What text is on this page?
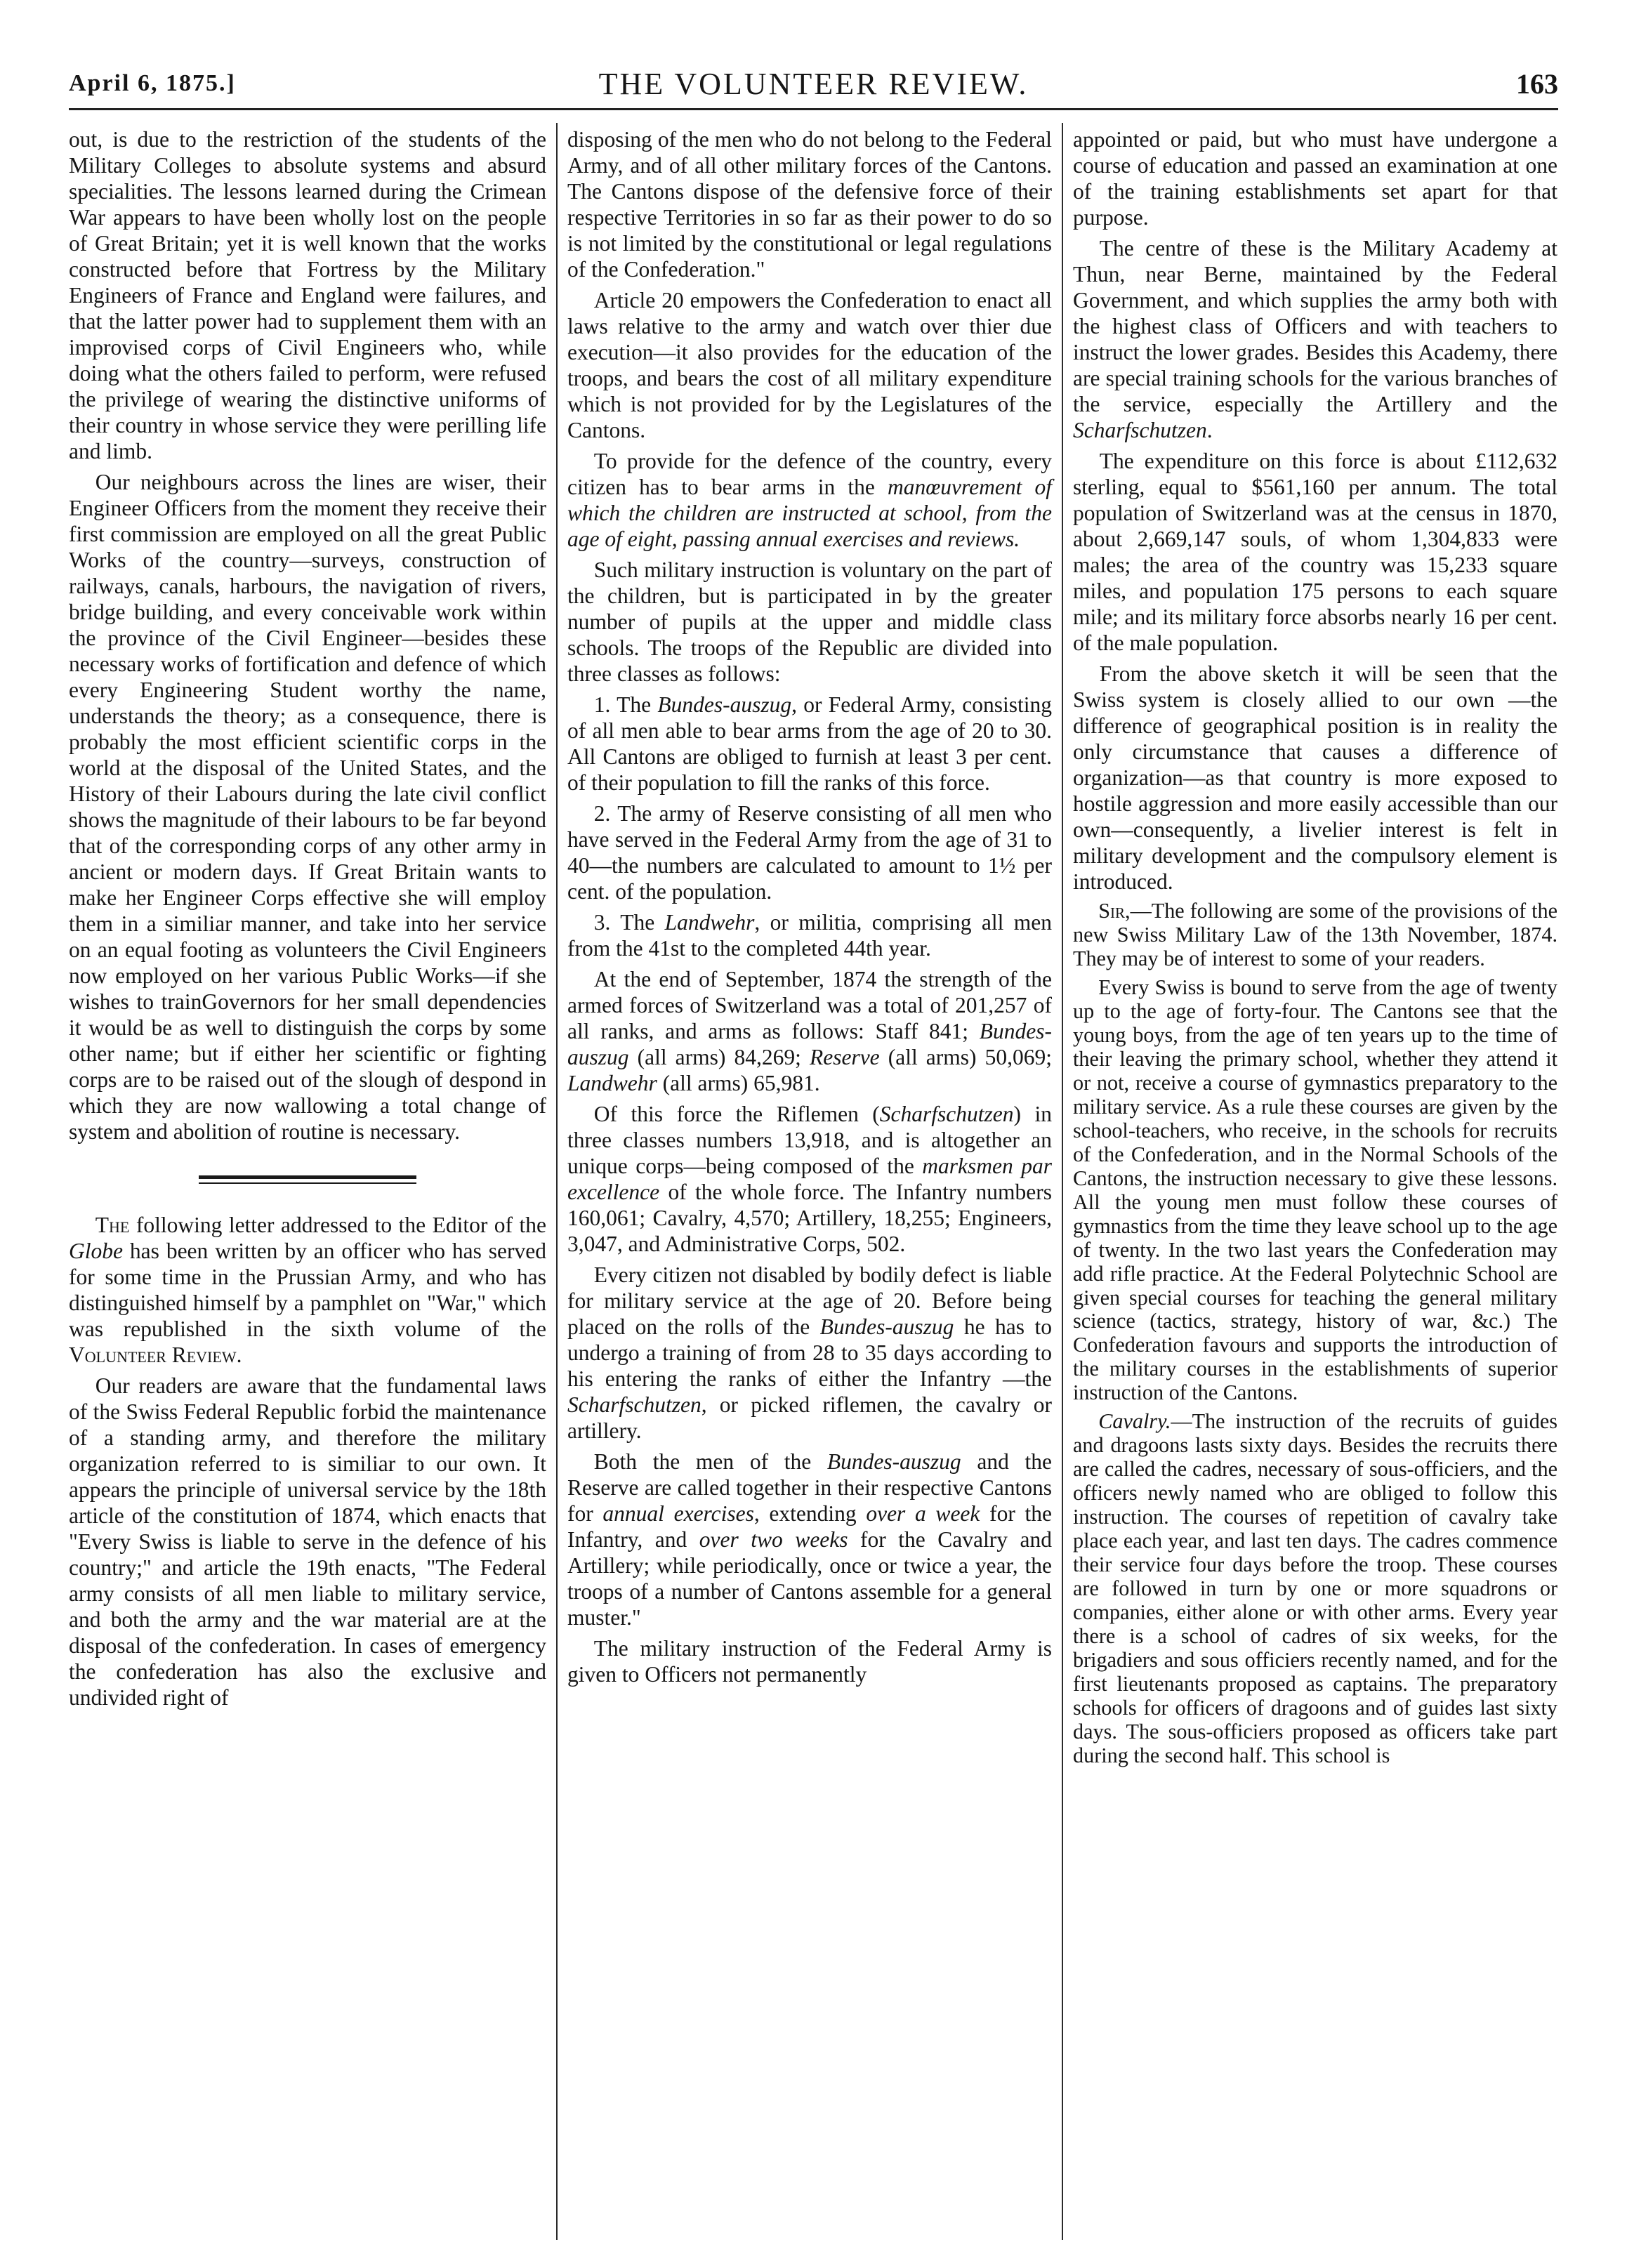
April 6, 1875.]	THE VOLUNTEER REVIEW.	163

out, is due to the restriction of the students of the Military Colleges to absolute systems and absurd specialities. The lessons learned during the Crimean War appears to have been wholly lost on the people of Great Britain; yet it is well known that the works constructed before that Fortress by the Military Engineers of France and England were failures, and that the latter power had to supplement them with an improvised corps of Civil Engineers who, while doing what the others failed to perform, were refused the privilege of wearing the distinctive uniforms of their country in whose service they were perilling life and limb.

Our neighbours across the lines are wiser, their Engineer Officers from the moment they receive their first commission are employed on all the great Public Works of the country—surveys, construction of railways, canals, harbours, the navigation of rivers, bridge building, and every conceivable work within the province of the Civil Engineer—besides these necessary works of fortification and defence of which every Engineering Student worthy the name, understands the theory; as a consequence, there is probably the most efficient scientific corps in the world at the disposal of the United States, and the History of their Labours during the late civil conflict shows the magnitude of their labours to be far beyond that of the corresponding corps of any other army in ancient or modern days. If Great Britain wants to make her Engineer Corps effective she will employ them in a similiar manner, and take into her service on an equal footing as volunteers the Civil Engineers now employed on her various Public Works—if she wishes to trainGovernors for her small dependencies it would be as well to distinguish the corps by some other name; but if either her scientific or fighting corps are to be raised out of the slough of despond in which they are now wallowing a total change of system and abolition of routine is necessary.

The following letter addressed to the Editor of the Globe has been written by an officer who has served for some time in the Prussian Army, and who has distinguished himself by a pamphlet on "War," which was republished in the sixth volume of the Volunteer Review.

Our readers are aware that the fundamental laws of the Swiss Federal Republic forbid the maintenance of a standing army, and therefore the military organization referred to is similiar to our own. It appears the principle of universal service by the 18th article of the constitution of 1874, which enacts that "Every Swiss is liable to serve in the defence of his country;" and article the 19th enacts, "The Federal army consists of all men liable to military service, and both the army and the war material are at the disposal of the confederation. In cases of emergency the confederation has also the exclusive and undivided right of

disposing of the men who do not belong to the Federal Army, and of all other military forces of the Cantons. The Cantons dispose of the defensive force of their respective Territories in so far as their power to do so is not limited by the constitutional or legal regulations of the Confederation."

Article 20 empowers the Confederation to enact all laws relative to the army and watch over thier due execution—it also provides for the education of the troops, and bears the cost of all military expenditure which is not provided for by the Legislatures of the Cantons.

To provide for the defence of the country, every citizen has to bear arms in the manœuvrement of which the children are instructed at school, from the age of eight, passing annual exercises and reviews.

Such military instruction is voluntary on the part of the children, but is participated in by the greater number of pupils at the upper and middle class schools. The troops of the Republic are divided into three classes as follows:

1. The Bundes-auszug, or Federal Army, consisting of all men able to bear arms from the age of 20 to 30. All Cantons are obliged to furnish at least 3 per cent. of their population to fill the ranks of this force.

2. The army of Reserve consisting of all men who have served in the Federal Army from the age of 31 to 40—the numbers are calculated to amount to 1½ per cent. of the population.

3. The Landwehr, or militia, comprising all men from the 41st to the completed 44th year.

At the end of September, 1874 the strength of the armed forces of Switzerland was a total of 201,257 of all ranks, and arms as follows: Staff 841; Bundes-auszug (all arms) 84,269; Reserve (all arms) 50,069; Landwehr (all arms) 65,981.

Of this force the Riflemen (Scharfschutzen) in three classes numbers 13,918, and is altogether an unique corps—being composed of the marksmen par excellence of the whole force. The Infantry numbers 160,061; Cavalry, 4,570; Artillery, 18,255; Engineers, 3,047, and Administrative Corps, 502.

Every citizen not disabled by bodily defect is liable for military service at the age of 20. Before being placed on the rolls of the Bundes-auszug he has to undergo a training of from 28 to 35 days according to his entering the ranks of either the Infantry —the Scharfschutzen, or picked riflemen, the cavalry or artillery.

Both the men of the Bundes-auszug and the Reserve are called together in their respective Cantons for annual exercises, extending over a week for the Infantry, and over two weeks for the Cavalry and Artillery; while periodically, once or twice a year, the troops of a number of Cantons assemble for a general muster."

The military instruction of the Federal Army is given to Officers not permanently

appointed or paid, but who must have undergone a course of education and passed an examination at one of the training establishments set apart for that purpose.

The centre of these is the Military Academy at Thun, near Berne, maintained by the Federal Government, and which supplies the army both with the highest class of Officers and with teachers to instruct the lower grades. Besides this Academy, there are special training schools for the various branches of the service, especially the Artillery and the Scharfschutzen.

The expenditure on this force is about £112,632 sterling, equal to $561,160 per annum. The total population of Switzerland was at the census in 1870, about 2,669,147 souls, of whom 1,304,833 were males; the area of the country was 15,233 square miles, and population 175 persons to each square mile; and its military force absorbs nearly 16 per cent. of the male population.

From the above sketch it will be seen that the Swiss system is closely allied to our own —the difference of geographical position is in reality the only circumstance that causes a difference of organization—as that country is more exposed to hostile aggression and more easily accessible than our own—consequently, a livelier interest is felt in military development and the compulsory element is introduced.

Sir,—The following are some of the provisions of the new Swiss Military Law of the 13th November, 1874. They may be of interest to some of your readers.

Every Swiss is bound to serve from the age of twenty up to the age of forty-four. The Cantons see that the young boys, from the age of ten years up to the time of their leaving the primary school, whether they attend it or not, receive a course of gymnastics preparatory to the military service. As a rule these courses are given by the school-teachers, who receive, in the schools for recruits of the Confederation, and in the Normal Schools of the Cantons, the instruction necessary to give these lessons. All the young men must follow these courses of gymnastics from the time they leave school up to the age of twenty. In the two last years the Confederation may add rifle practice. At the Federal Polytechnic School are given special courses for teaching the general military science (tactics, strategy, history of war, &c.) The Confederation favours and supports the introduction of the military courses in the establishments of superior instruction of the Cantons.

Cavalry.—The instruction of the recruits of guides and dragoons lasts sixty days. Besides the recruits there are called the cadres, necessary of sous-officiers, and the officers newly named who are obliged to follow this instruction. The courses of repetition of cavalry take place each year, and last ten days. The cadres commence their service four days before the troop. These courses are followed in turn by one or more squadrons or companies, either alone or with other arms. Every year there is a school of cadres of six weeks, for the brigadiers and sous officiers recently named, and for the first lieutenants proposed as captains. The preparatory schools for officers of dragoons and of guides last sixty days. The sous-officiers proposed as officers take part during the second half. This school is
